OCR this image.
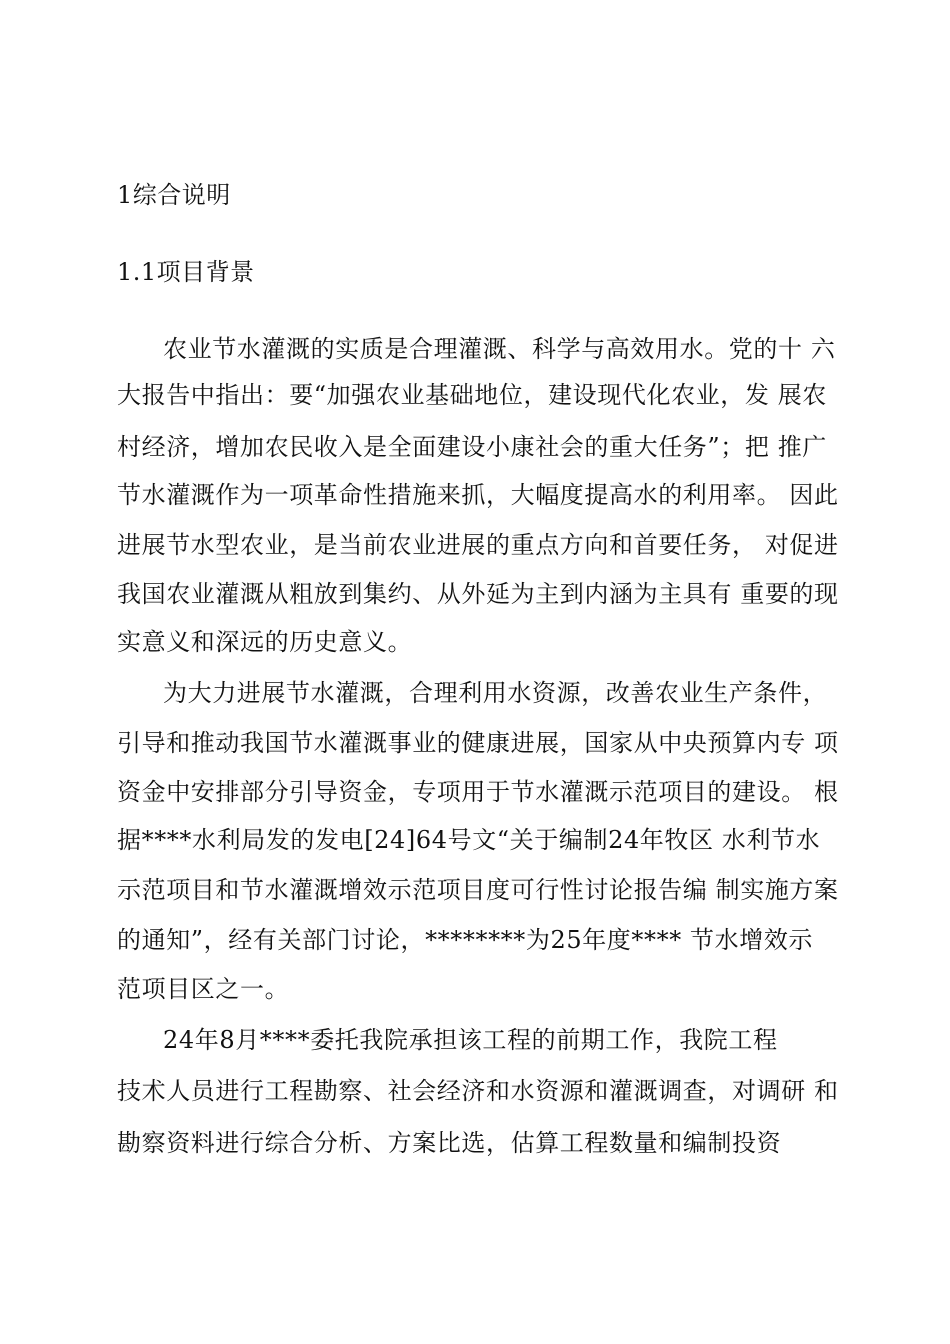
1综合说明
1.1项目背景
农业节水灌溉的实质是合理灌溉、科学与高效用水。党的十 六
大报告中指出：要“加强农业基础地位，建设现代化农业，发 展农
村经济，增加农民收入是全面建设小康社会的重大任务”；把 推广
节水灌溉作为一项革命性措施来抓，大幅度提高水的利用率。 因此
进展节水型农业，是当前农业进展的重点方向和首要任务， 对促进
我国农业灌溉从粗放到集约、从外延为主到内涵为主具有 重要的现
实意义和深远的历史意义。
为大力进展节水灌溉，合理利用水资源，改善农业生产条件，
引导和推动我国节水灌溉事业的健康进展，国家从中央预算内专 项
资金中安排部分引导资金，专项用于节水灌溉示范项目的建设。 根
据****水利局发的发电[24]64号文“关于编制24年牧区 水利节水
示范项目和节水灌溉增效示范项目度可行性讨论报告编 制实施方案
的通知”，经有关部门讨论，********为25年度**** 节水增效示
范项目区之一。
24年8月****委托我院承担该工程的前期工作，我院工程
技术人员进行工程勘察、社会经济和水资源和灌溉调查，对调研 和
勘察资料进行综合分析、方案比选，估算工程数量和编制投资
